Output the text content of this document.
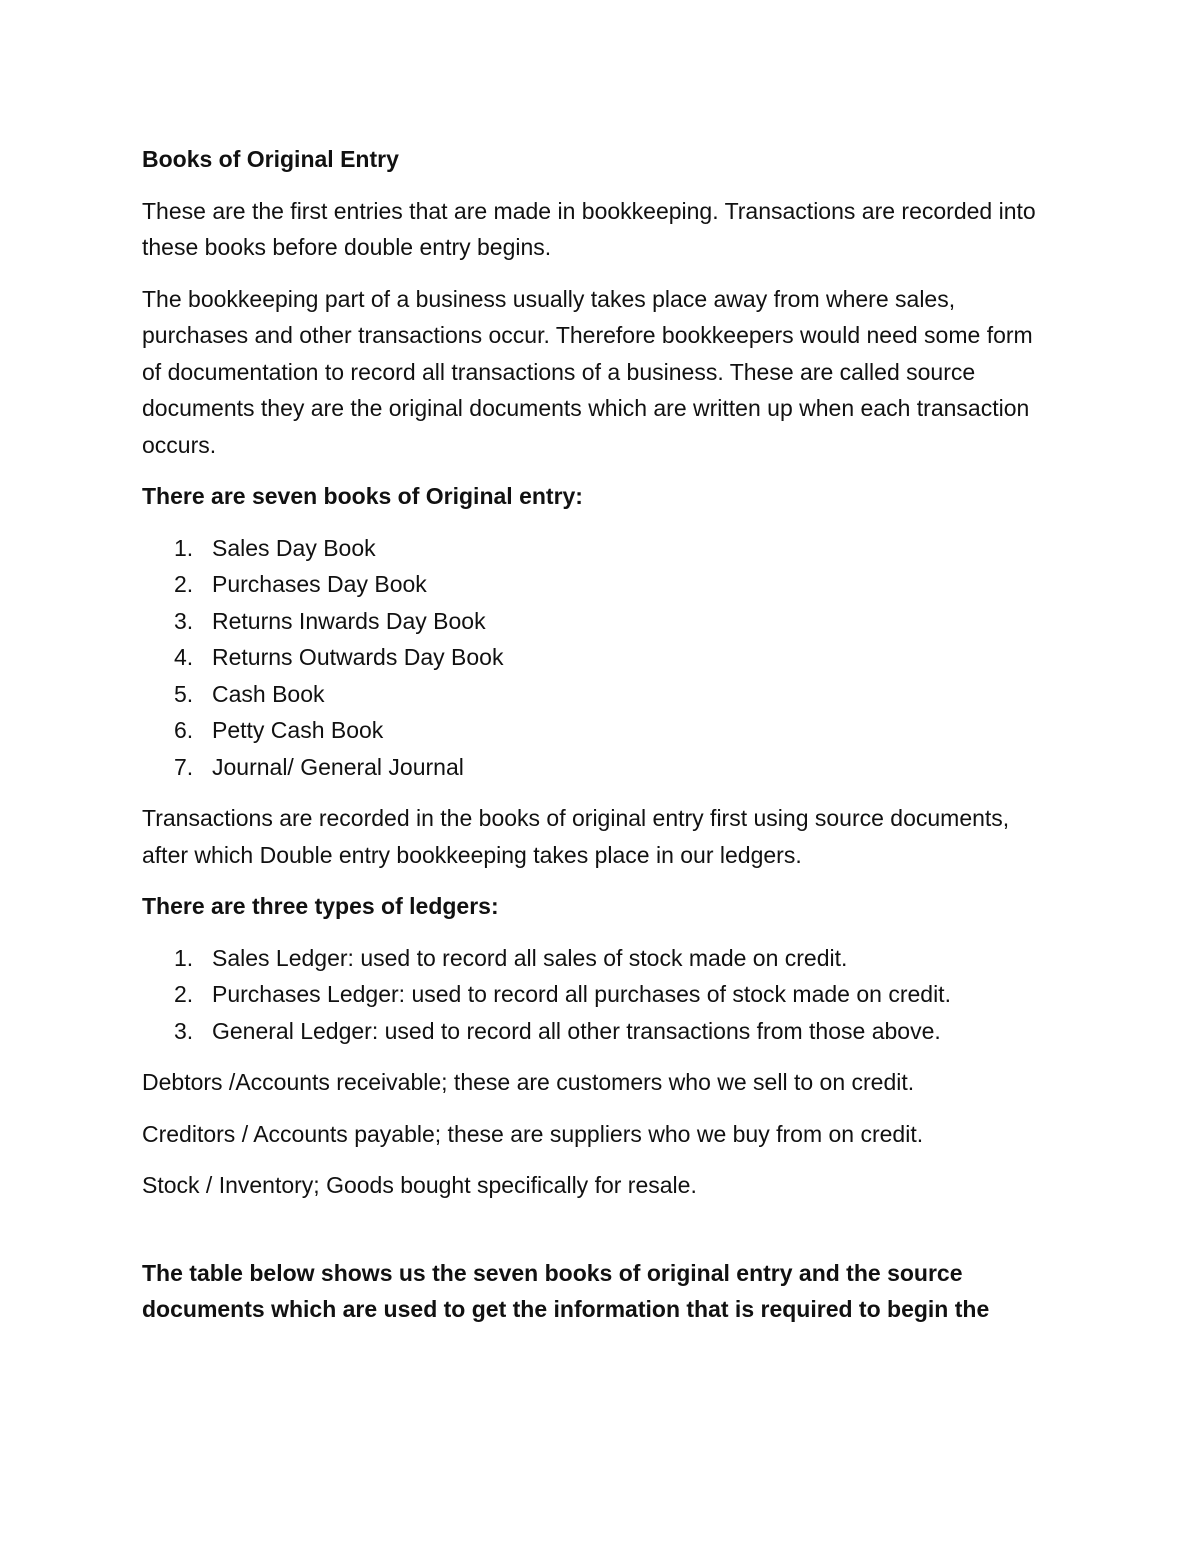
Books of Original Entry

These are the first entries that are made in bookkeeping. Transactions are recorded into these books before double entry begins.

The bookkeeping part of a business usually takes place away from where sales, purchases and other transactions occur. Therefore bookkeepers would need some form of documentation to record all transactions of a business. These are called source documents they are the original documents which are written up when each transaction occurs.

There are seven books of Original entry:

1. Sales Day Book
2. Purchases Day Book
3. Returns Inwards Day Book
4. Returns Outwards Day Book
5. Cash Book
6. Petty Cash Book
7. Journal/ General Journal

Transactions are recorded in the books of original entry first using source documents, after which Double entry bookkeeping takes place in our ledgers.

There are three types of ledgers:

1. Sales Ledger: used to record all sales of stock made on credit.
2. Purchases Ledger: used to record all purchases of stock made on credit.
3. General Ledger: used to record all other transactions from those above.

Debtors /Accounts receivable; these are customers who we sell to on credit.

Creditors / Accounts payable; these are suppliers who we buy from on credit.

Stock / Inventory; Goods bought specifically for resale.

The table below shows us the seven books of original entry and the source documents which are used to get the information that is required to begin the
